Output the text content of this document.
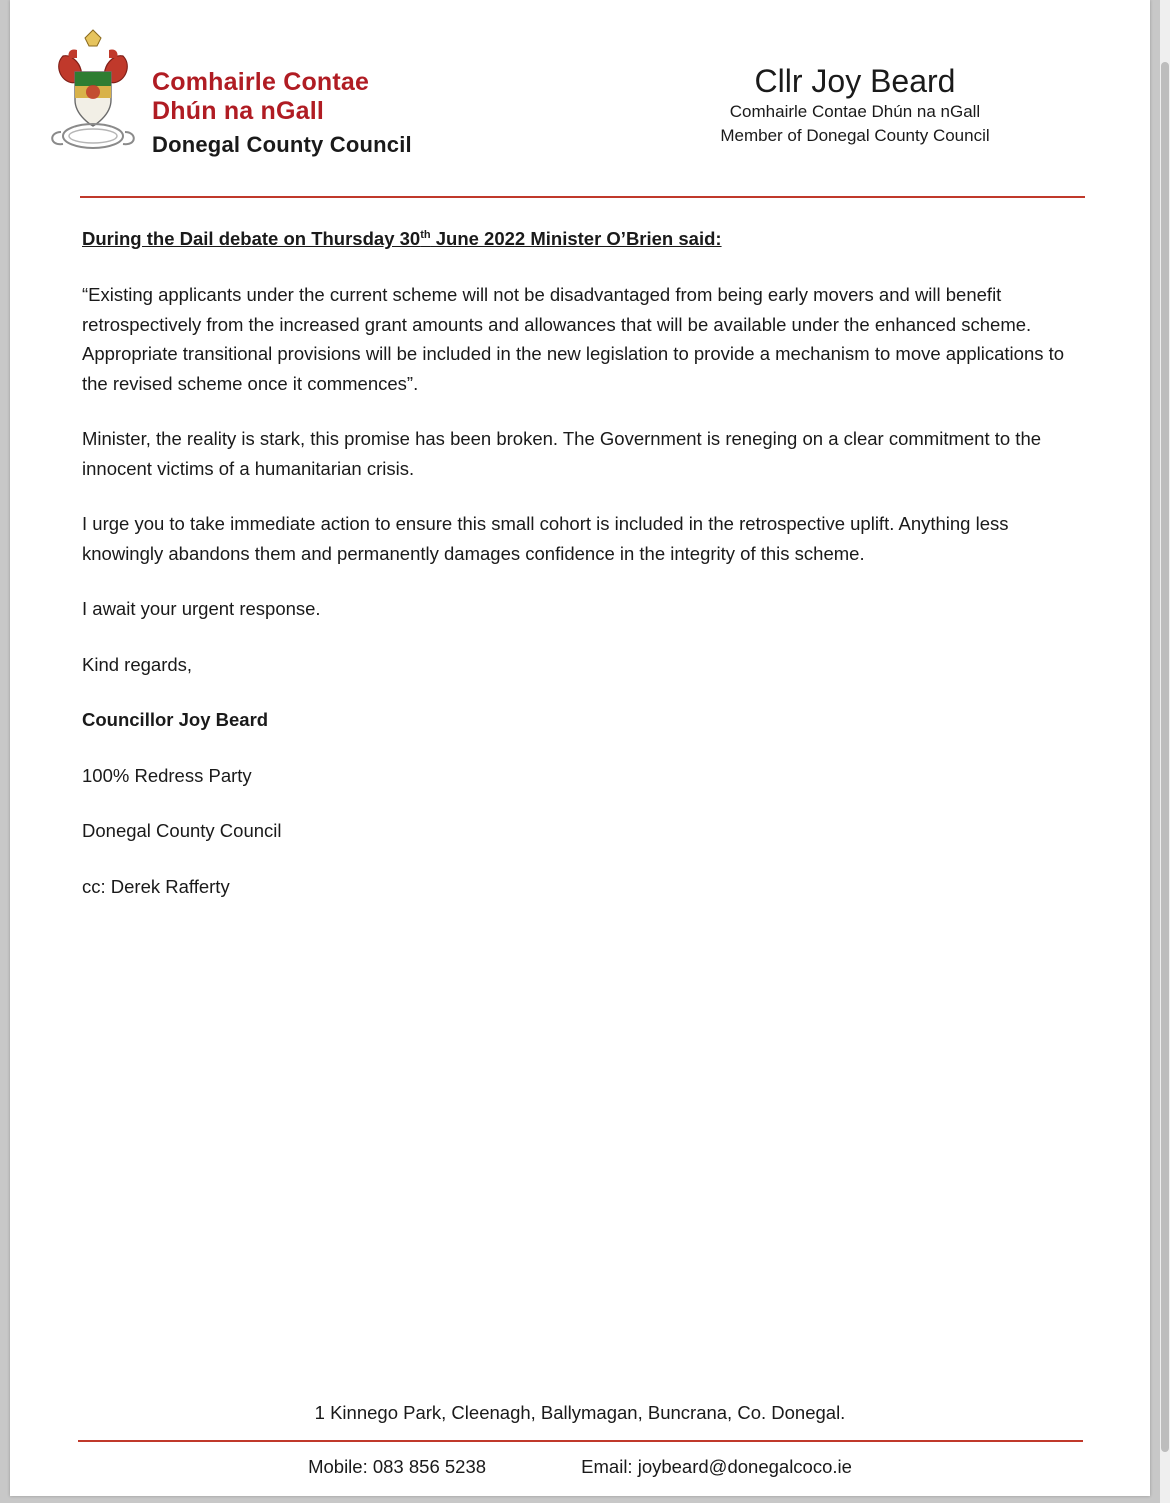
Comhairle Contae
Dhún na nGall
Donegal County Council
Cllr Joy Beard
Comhairle Contae Dhún na nGall
Member of Donegal County Council
During the Dail debate on Thursday 30th June 2022 Minister O’Brien said:

“Existing applicants under the current scheme will not be disadvantaged from being early movers and will benefit retrospectively from the increased grant amounts and allowances that will be available under the enhanced scheme. Appropriate transitional provisions will be included in the new legislation to provide a mechanism to move applications to the revised scheme once it commences”.

Minister, the reality is stark, this promise has been broken. The Government is reneging on a clear commitment to the innocent victims of a humanitarian crisis.

I urge you to take immediate action to ensure this small cohort is included in the retrospective uplift. Anything less knowingly abandons them and permanently damages confidence in the integrity of this scheme.

I await your urgent response.

Kind regards,

Councillor Joy Beard

100% Redress Party

Donegal County Council

cc: Derek Rafferty

1 Kinnego Park, Cleenagh, Ballymagan, Buncrana, Co. Donegal.
Mobile: 083 856 5238	Email: joybeard@donegalcoco.ie
